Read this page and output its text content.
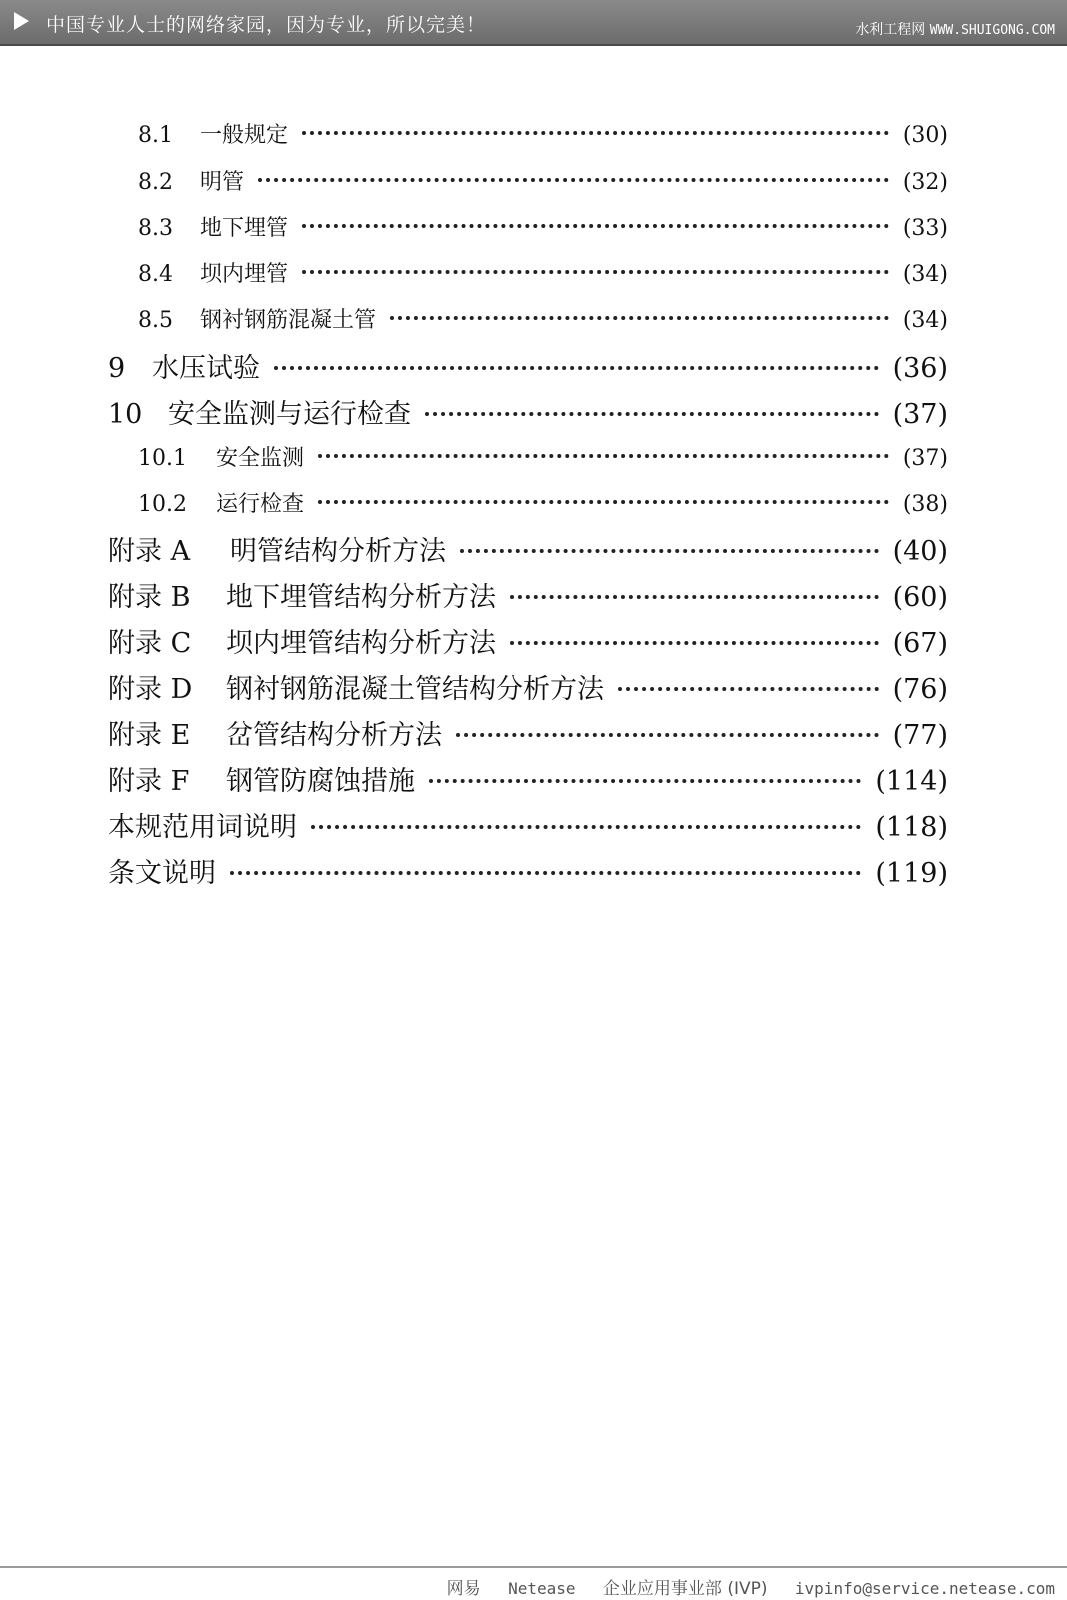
中国专业人士的网络家园，因为专业，所以完美！	水利工程网 WWW.SHUIGONG.COM
8.1	一般规定	(30)
8.2	明管	(32)
8.3	地下埋管	(33)
8.4	坝内埋管	(34)
8.5	钢衬钢筋混凝土管	(34)
9 水压试验	(36)
10 安全监测与运行检查	(37)
10.1	安全监测	(37)
10.2	运行检查	(38)
附录 A	明管结构分析方法	(40)
附录 B	地下埋管结构分析方法	(60)
附录 C	坝内埋管结构分析方法	(67)
附录 D	钢衬钢筋混凝土管结构分析方法	(76)
附录 E	岔管结构分析方法	(77)
附录 F	钢管防腐蚀措施	(114)
本规范用词说明	(118)
条文说明	(119)
网易 Netease 企业应用事业部 (IVP) ivpinfo@service.netease.com
